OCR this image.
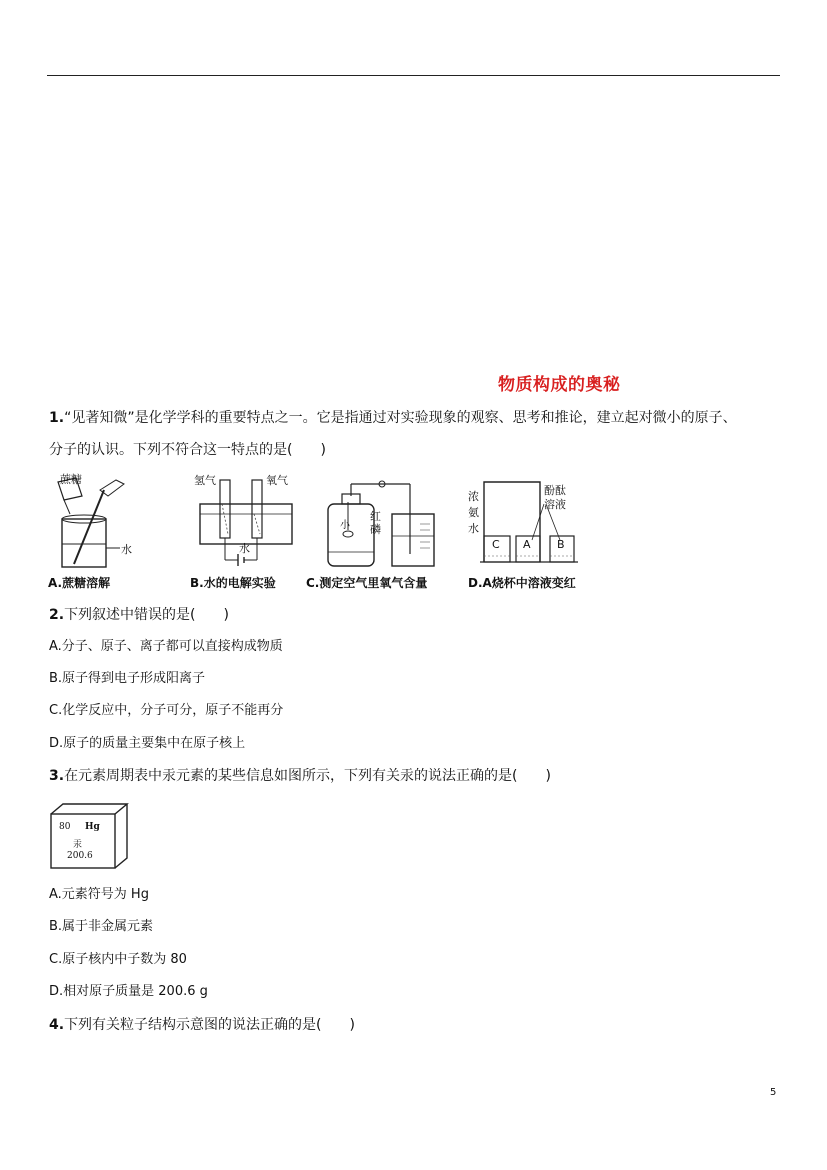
物质构成的奥秘
1.“见著知微”是化学学科的重要特点之一。它是指通过对实验现象的观察、思考和推论，建立起对微小的原子、
分子的认识。下列不符合这一特点的是(　　)
蔗糖
水
A.蔗糖溶解
氢气	氧气
水
B.水的电解实验
小
红磷
C.测定空气里氧气含量
浓
氨
水
酚酞
溶液
C A B
D.A烧杯中溶液变红
2.下列叙述中错误的是(　　)
A.分子、原子、离子都可以直接构成物质
B.原子得到电子形成阳离子
C.化学反应中，分子可分，原子不能再分
D.原子的质量主要集中在原子核上
3.在元素周期表中汞元素的某些信息如图所示，下列有关汞的说法正确的是(　　)
80 Hg
汞
200.6
A.元素符号为 Hg
B.属于非金属元素
C.原子核内中子数为 80
D.相对原子质量是 200.6 g
4.下列有关粒子结构示意图的说法正确的是(　　)
5
